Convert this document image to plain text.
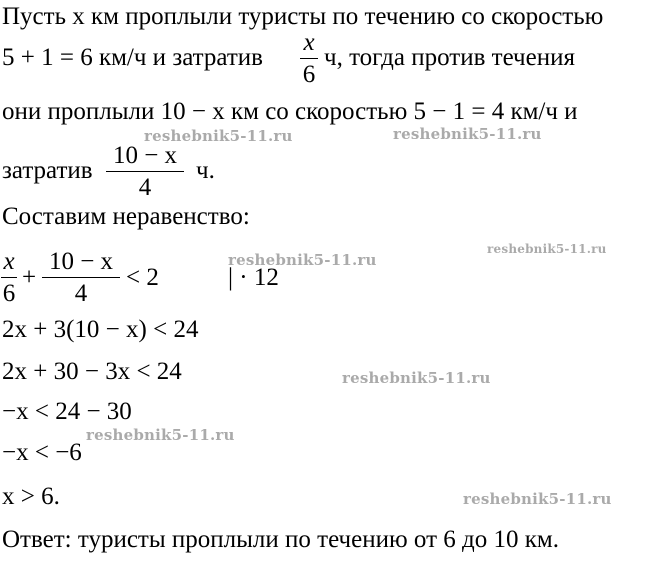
Пусть x км проплыли туристы по течению со скоростью
5 + 1 = 6 км/ч и затратив
x
6
ч, тогда против течения
они проплыли 10 − x км со скоростью 5 − 1 = 4 км/ч и
затратив
10 − x
4
ч.
Составим неравенство:
x
6
+
10 − x
4
< 2	| · 12
2x + 3(10 − x) < 24
2x + 30 − 3x < 24
−x < 24 − 30
−x < −6
x > 6.
Ответ: туристы проплыли по течению от 6 до 10 км.
reshebnik5-11.ru	reshebnik5-11.ru
reshebnik5-11.ru
reshebnik5-11.ru
reshebnik5-11.ru
reshebnik5-11.ru
reshebnik5-11.ru
